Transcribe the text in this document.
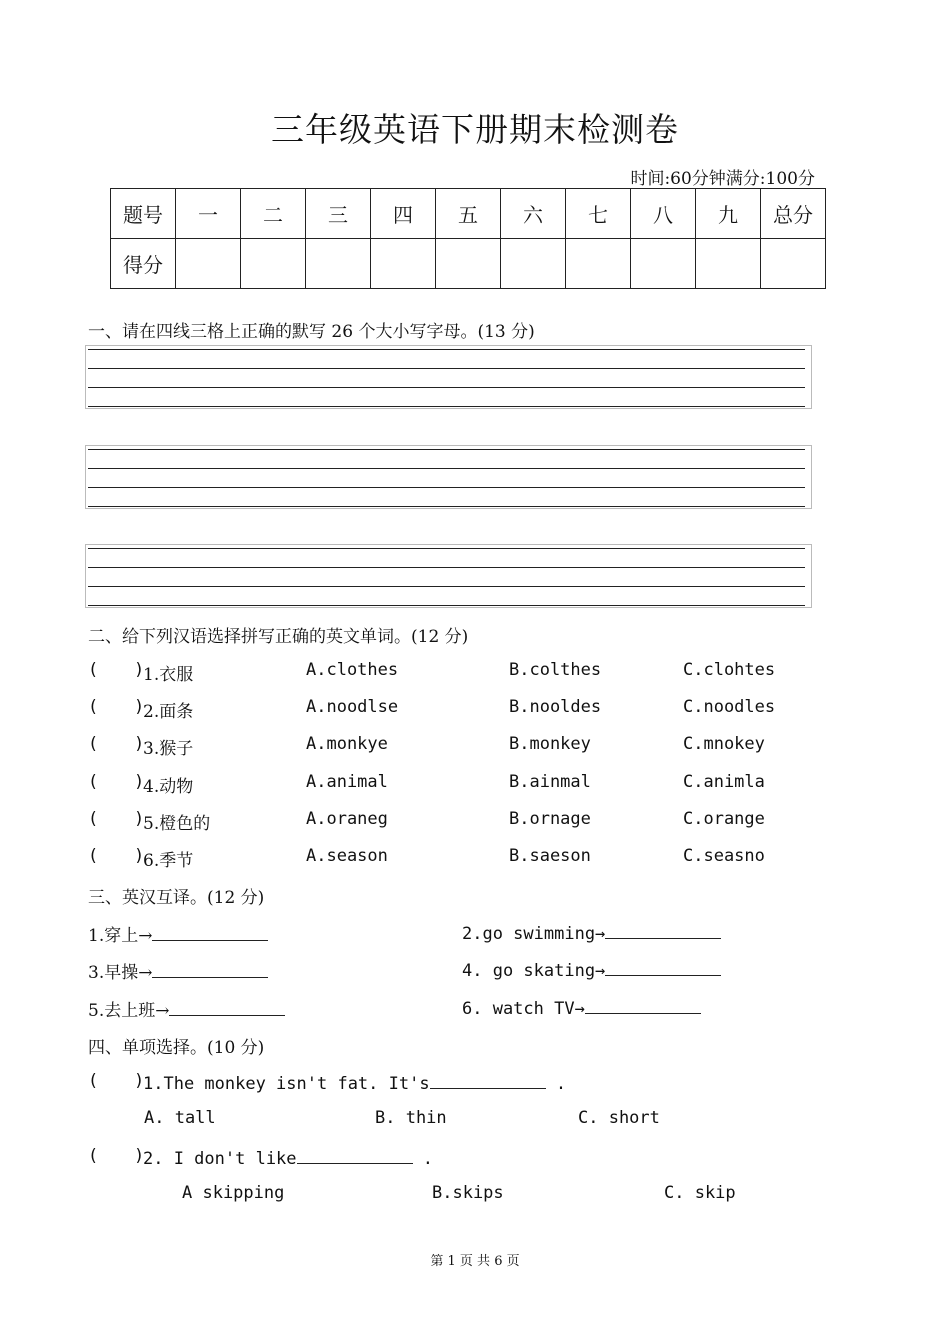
三年级英语下册期末检测卷
时间:60分钟满分:100分
题号	一	二	三	四	五	六	七	八	九	总分
得分										
一、请在四线三格上正确的默写 26 个大小写字母。(13 分)
二、给下列汉语选择拼写正确的英文单词。(12 分)
( )
1.衣服	A.clothes	B.colthes	C.clohtes
( )
2.面条	A.noodlse	B.nooldes	C.noodles
( )
3.猴子	A.monkye	B.monkey	C.mnokey
( )
4.动物	A.animal	B.ainmal	C.animla
( )
5.橙色的	A.oraneg	B.ornage	C.orange
( )
6.季节	A.season	B.saeson	C.seasno
三、英汉互译。(12 分)
1.穿上→	2.go swimming→
3.早操→	4. go skating→
5.去上班→	6. watch TV→
四、单项选择。(10 分)
( )
1.The monkey isn't fat. It's	.
A. tall	B. thin	C. short
( )
2. I don't like	.
A skipping	B.skips	C. skip
第 1 页 共 6 页
